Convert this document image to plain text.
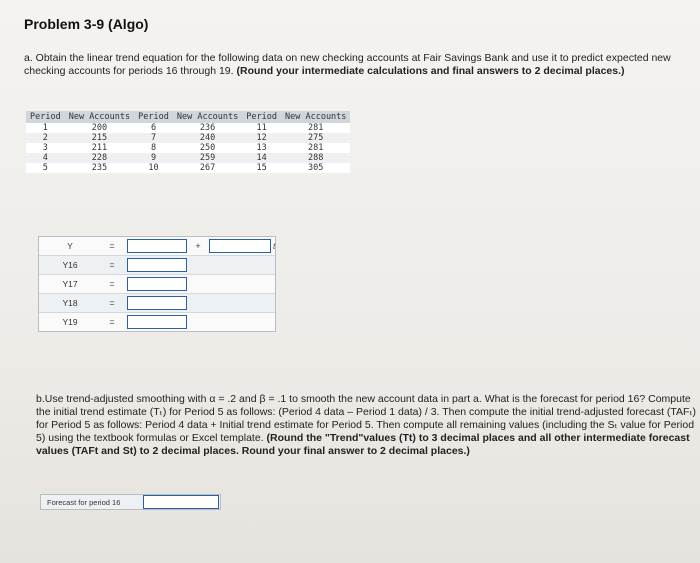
Problem 3-9 (Algo)
a. Obtain the linear trend equation for the following data on new checking accounts at Fair Savings Bank and use it to predict expected new checking accounts for periods 16 through 19. (Round your intermediate calculations and final answers to 2 decimal places.)
Period	New Accounts	Period	New Accounts	Period	New Accounts
1	200	6	236	11	281
2	215	7	240	12	275
3	211	8	250	13	281
4	228	9	259	14	288
5	235	10	267	15	305
Y	=	+	t
Y16	=
Y17	=
Y18	=
Y19	=
b.Use trend-adjusted smoothing with α = .2 and β = .1 to smooth the new account data in part a. What is the forecast for period 16? Compute the initial trend estimate (Tₜ) for Period 5 as follows: (Period 4 data – Period 1 data) / 3. Then compute the initial trend-adjusted forecast (TAFₜ) for Period 5 as follows: Period 4 data + Initial trend estimate for Period 5. Then compute all remaining values (including the Sₜ value for Period 5) using the textbook formulas or Excel template. (Round the "Trend"values (Tt) to 3 decimal places and all other intermediate forecast values (TAFt and St) to 2 decimal places. Round your final answer to 2 decimal places.)
Forecast for period 16
